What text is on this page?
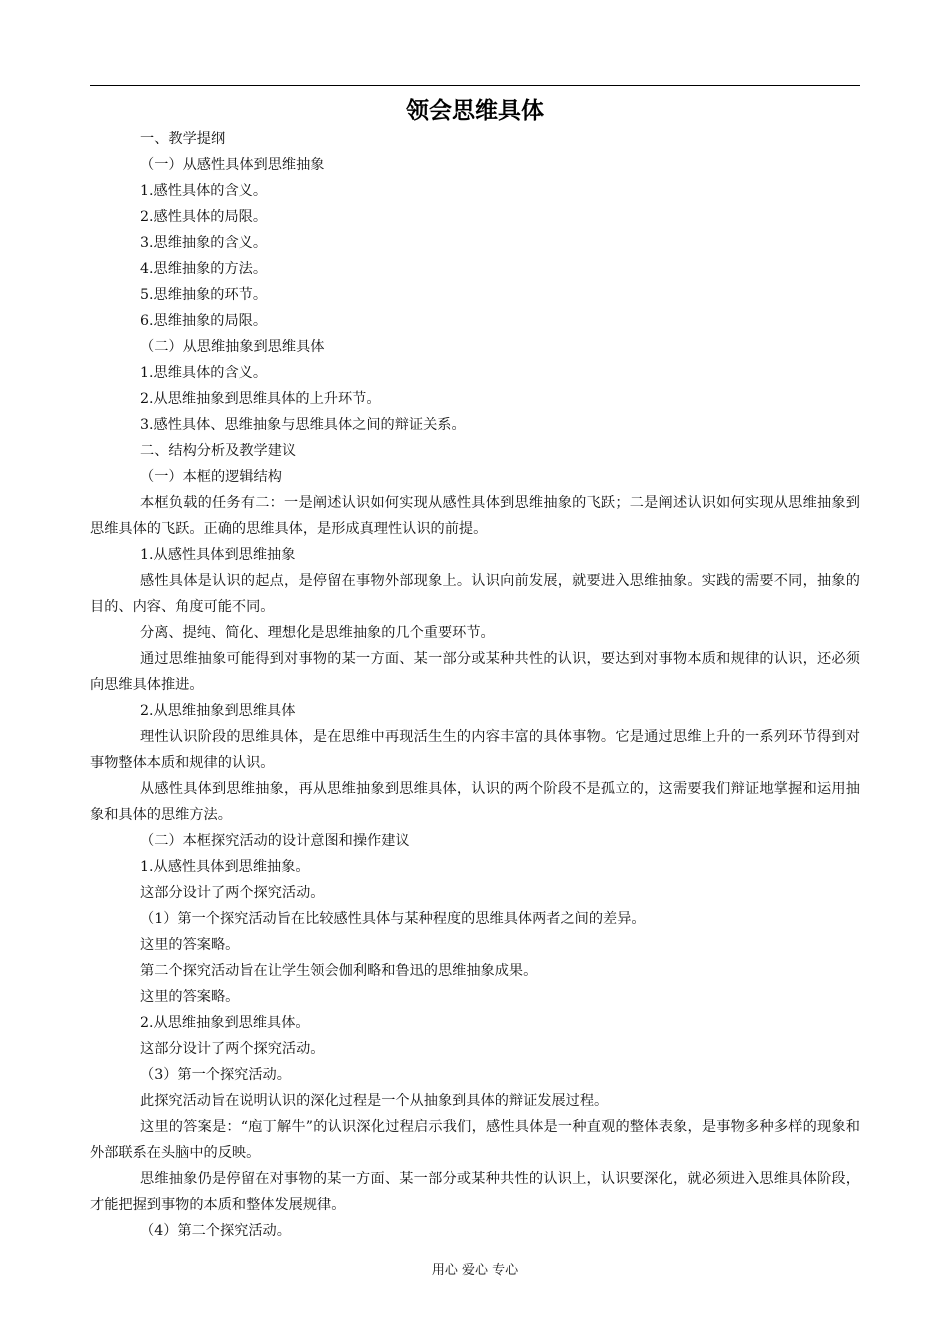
领会思维具体

一、教学提纲

（一）从感性具体到思维抽象

1.感性具体的含义。

2.感性具体的局限。

3.思维抽象的含义。

4.思维抽象的方法。

5.思维抽象的环节。

6.思维抽象的局限。

（二）从思维抽象到思维具体

1.思维具体的含义。

2.从思维抽象到思维具体的上升环节。

3.感性具体、思维抽象与思维具体之间的辩证关系。

二、结构分析及教学建议

（一）本框的逻辑结构

本框负载的任务有二：一是阐述认识如何实现从感性具体到思维抽象的飞跃；二是阐述认识如何实现从思维抽象到思维具体的飞跃。正确的思维具体，是形成真理性认识的前提。

1.从感性具体到思维抽象

感性具体是认识的起点，是停留在事物外部现象上。认识向前发展，就要进入思维抽象。实践的需要不同，抽象的目的、内容、角度可能不同。

分离、提纯、简化、理想化是思维抽象的几个重要环节。

通过思维抽象可能得到对事物的某一方面、某一部分或某种共性的认识，要达到对事物本质和规律的认识，还必须向思维具体推进。

2.从思维抽象到思维具体

理性认识阶段的思维具体，是在思维中再现活生生的内容丰富的具体事物。它是通过思维上升的一系列环节得到对事物整体本质和规律的认识。

从感性具体到思维抽象，再从思维抽象到思维具体，认识的两个阶段不是孤立的，这需要我们辩证地掌握和运用抽象和具体的思维方法。

（二）本框探究活动的设计意图和操作建议

1.从感性具体到思维抽象。

这部分设计了两个探究活动。

（1）第一个探究活动旨在比较感性具体与某种程度的思维具体两者之间的差异。

这里的答案略。

第二个探究活动旨在让学生领会伽利略和鲁迅的思维抽象成果。

这里的答案略。

2.从思维抽象到思维具体。

这部分设计了两个探究活动。

（3）第一个探究活动。

此探究活动旨在说明认识的深化过程是一个从抽象到具体的辩证发展过程。

这里的答案是：“庖丁解牛”的认识深化过程启示我们，感性具体是一种直观的整体表象，是事物多种多样的现象和外部联系在头脑中的反映。

思维抽象仍是停留在对事物的某一方面、某一部分或某种共性的认识上，认识要深化，就必须进入思维具体阶段，才能把握到事物的本质和整体发展规律。

（4）第二个探究活动。

用心 爱心 专心
